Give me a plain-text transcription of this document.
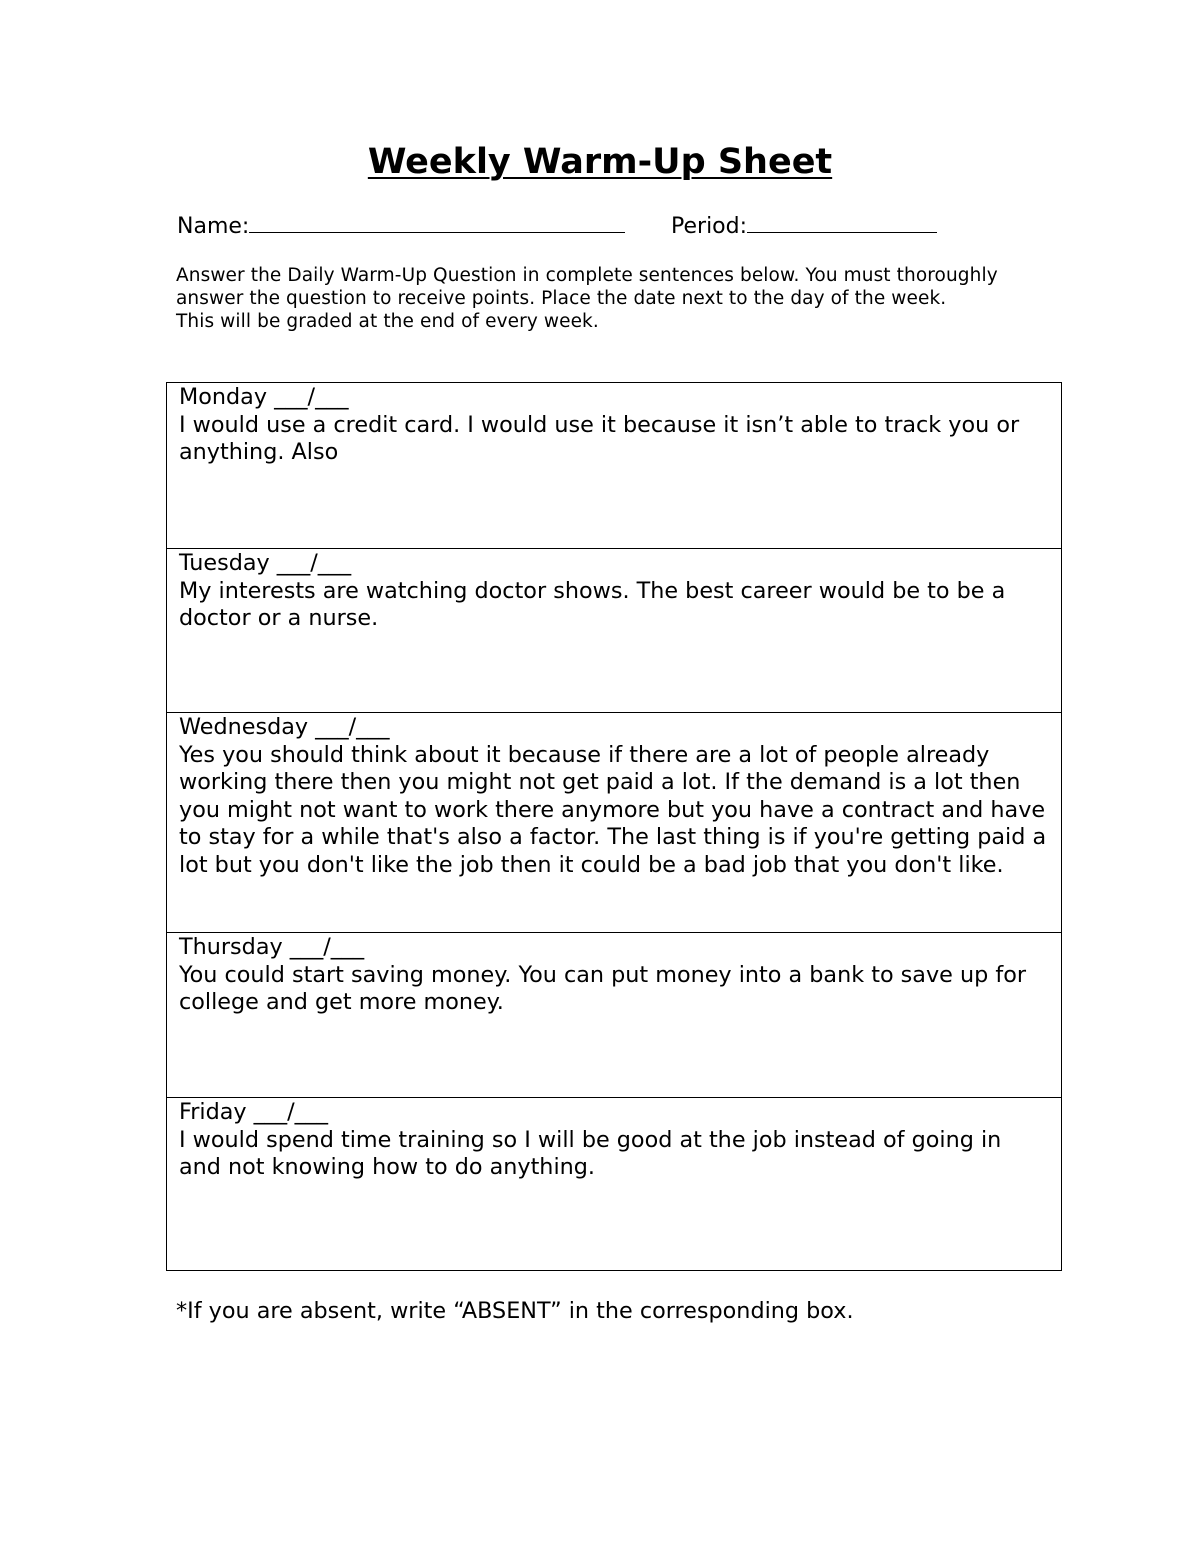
Weekly Warm-Up Sheet
Name:	Period:

Answer the Daily Warm-Up Question in complete sentences below. You must thoroughly answer the question to receive points. Place the date next to the day of the week.

This will be graded at the end of every week.

Monday ___/___
I would use a credit card. I would use it because it isn’t able to track you or anything. Also
Tuesday ___/___
My interests are watching doctor shows. The best career would be to be a doctor or a nurse.
Wednesday ___/___
Yes you should think about it because if there are a lot of people already working there then you might not get paid a lot. If the demand is a lot then you might not want to work there anymore but you have a contract and have to stay for a while that's also a factor. The last thing is if you're getting paid a lot but you don't like the job then it could be a bad job that you don't like.
Thursday ___/___
You could start saving money. You can put money into a bank to save up for college and get more money.
Friday ___/___
I would spend time training so I will be good at the job instead of going in and not knowing how to do anything.
*If you are absent, write “ABSENT” in the corresponding box.
